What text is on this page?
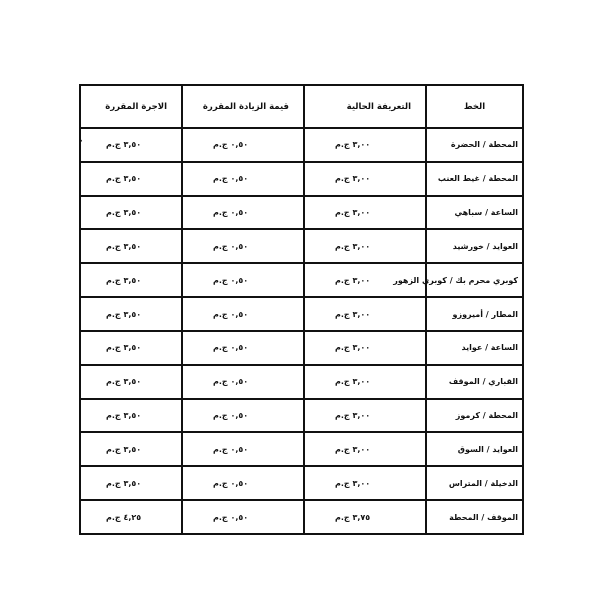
,
الخط	التعريفة الحالية	قيمة الزيادة المقررة	الاجرة المقررة
المحطة / الحضرة	٣,٠٠ ج.م	٠,٥٠ ج.م	٣,٥٠ ج.م
المحطة / غيط العنب	٣,٠٠ ج.م	٠,٥٠ ج.م	٣,٥٠ ج.م
الساعة / سباهي	٣,٠٠ ج.م	٠,٥٠ ج.م	٣,٥٠ ج.م
العوايد / خورشيد	٣,٠٠ ج.م	٠,٥٠ ج.م	٣,٥٠ ج.م
كوبري محرم بك / كوبري الزهور	٣,٠٠ ج.م	٠,٥٠ ج.م	٣,٥٠ ج.م
المطار / أميروزو	٣,٠٠ ج.م	٠,٥٠ ج.م	٣,٥٠ ج.م
الساعة / عوايد	٣,٠٠ ج.م	٠,٥٠ ج.م	٣,٥٠ ج.م
القباري / الموقف	٣,٠٠ ج.م	٠,٥٠ ج.م	٣,٥٠ ج.م
المحطة / كرموز	٣,٠٠ ج.م	٠,٥٠ ج.م	٣,٥٠ ج.م
العوايد / السوق	٣,٠٠ ج.م	٠,٥٠ ج.م	٣,٥٠ ج.م
الدخيلة / المتراس	٣,٠٠ ج.م	٠,٥٠ ج.م	٣,٥٠ ج.م
الموقف / المحطة	٣,٧٥ ج.م	٠,٥٠ ج.م	٤,٢٥ ج.م
